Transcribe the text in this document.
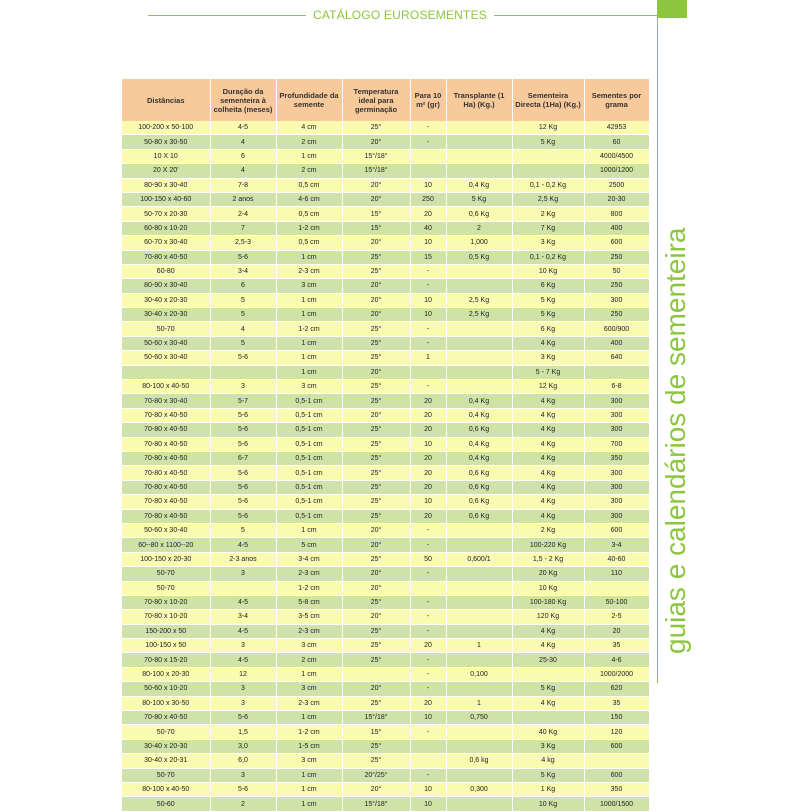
CATÁLOGO EUROSEMENTES
guias e calendários de sementeira
Distâncias	Duração da sementeira à colheita (meses)	Profundidade da semente	Temperatura ideal para germinação	Para 10 m² (gr)	Transplante (1 Ha) (Kg.)	Sementeira Directa (1Ha) (Kg.)	Sementes por grama
100-200 x 50-100	4-5	4 cm	25°	-		12 Kg	42953
50-80 x 30-50	4	2 cm	20°	-		5 Kg	60
10 X 10	6	1 cm	15°/18°				4000/4500
20 X 20'	4	2 cm	15°/18°				1000/1200
80-90 x 30-40	7-8	0,5 cm	20°	10	0,4 Kg	0,1 - 0,2 Kg	2500
100-150 x 40-60	2 anos	4-6 cm	20°	250	5 Kg	2,5 Kg	20-30
50-70 x 20-30	2-4	0,5 cm	15°	20	0,6 Kg	2 Kg	800
60-80 x 10-20	7	1-2 cm	15°	40	2	7 Kg	400
60-70 x 30-40	2,5-3	0,5 cm	20°	10	1,000	3 Kg	600
70-80 x 40-50	5-6	1 cm	25°	15	0,5 Kg	0,1 - 0,2 Kg	250
60-80	3-4	2-3 cm	25°	-		10 Kg	50
80-90 x 30-40	6	3 cm	20°	-		6 Kg	250
30-40 x 20-30	5	1 cm	20°	10	2,5 Kg	5 Kg	300
30-40 x 20-30	5	1 cm	20°	10	2,5 Kg	5 Kg	250
50-70	4	1-2 cm	25°	-		6 Kg	600/900
50-60 x 30-40	5	1 cm	25°	-		4 Kg	400
50-60 x 30-40	5-6	1 cm	25°	1		3 Kg	640
		1 cm	20°			5 - 7 Kg	
80-100 x 40-50	3	3 cm	25°	-		12 Kg	6-8
70-80 x 30-40	5-7	0,5-1 cm	25°	20	0,4 Kg	4 Kg	300
70-80 x 40-50	5-6	0,5-1 cm	20°	20	0,4 Kg	4 Kg	300
70-80 x 40-50	5-6	0,5-1 cm	25°	20	0,6 Kg	4 Kg	300
70-80 x 40-50	5-6	0,5-1 cm	25°	10	0,4 Kg	4 Kg	700
70-80 x 40-50	6-7	0,5-1 cm	25°	20	0,4 Kg	4 Kg	350
70-80 x 40-50	5-6	0,5-1 cm	25°	20	0,6 Kg	4 Kg	300
70-80 x 40-50	5-6	0,5-1 cm	25°	20	0,6 Kg	4 Kg	300
70-80 x 40-50	5-6	0,5-1 cm	25°	10	0,6 Kg	4 Kg	300
70-80 x 40-50	5-6	0,5-1 cm	25°	20	0,6 Kg	4 Kg	300
50-60 x 30-40	5	1 cm	20°	-		2 Kg	600
60--80 x 1100--20	4-5	5 cm	20°	-		100-220 Kg	3-4
100-150 x 20-30	2-3 anos	3-4 cm	25°	50	0,600/1	1,5 - 2 Kg	40-60
50-70	3	2-3 cm	20°	-		20 Kg	110
50-70		1-2 cm	20°			10 Kg	
70-80 x 10-20	4-5	5-8 cm	25°	-		100-180 Kg	50-100
70-80 x 10-20	3-4	3-5 cm	20°	-		120 Kg	2-5
150-200 x 50	4-5	2-3 cm	25°	-		4 Kg	20
100-150 x 50	3	3 cm	25°	20	1	4 Kg	35
70-80 x 15-20	4-5	2 cm	25°	-		25-30	4-6
80-100 x 20-30	12	1 cm		-	0,100		1000/2000
50-60 x 10-20	3	3 cm	20°	-		5 Kg	620
80-100 x 30-50	3	2-3 cm	25°	20	1	4 Kg	35
70-80 x 40-50	5-6	1 cm	15°/18°	10	0,750		150
50-70	1,5	1-2 cm	15°	-		40 Kg	120
30-40 x 20-30	3,0	1-5 cm	25°			3 Kg	600
30-40 x 20-31	6,0	3 cm	25°		0,6 kg	4 kg	
50-70	3	1 cm	20°/25°	-		5 Kg	600
80-100 x 40-50	5-6	1 cm	20°	10	0,300	1 Kg	350
50-60	2	1 cm	15°/18°	10		10 Kg	1000/1500
